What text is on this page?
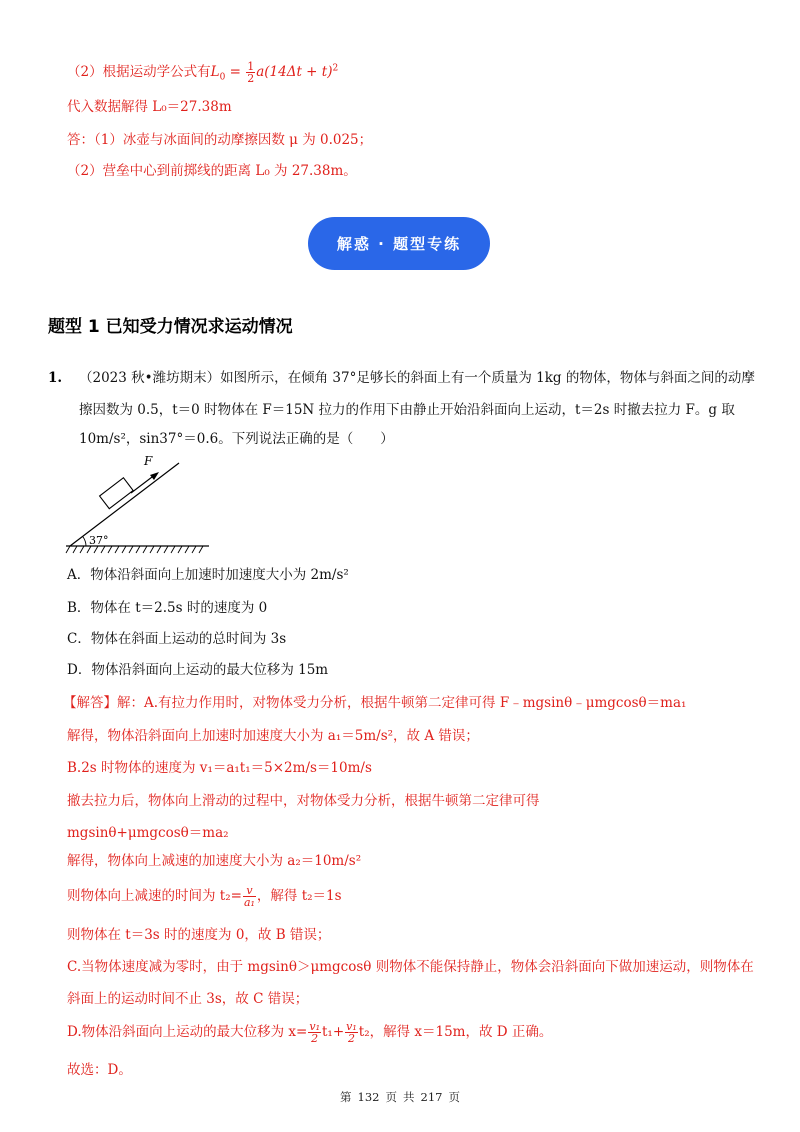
（2）根据运动学公式有$L_0 = \frac{1}{2} a(14\Delta t + t)^2$
代入数据解得 L₀＝27.38m
答：（1）冰壶与冰面间的动摩擦因数 μ 为 0.025；
（2）营垒中心到前掷线的距离 L₀ 为 27.38m。
解惑 · 题型专练
题型 1 已知受力情况求运动情况
1. （2023 秋•潍坊期末）如图所示，在倾角 37°足够长的斜面上有一个质量为 1kg 的物体，物体与斜面之间的动摩
擦因数为 0.5，t＝0 时物体在 F＝15N 拉力的作用下由静止开始沿斜面向上运动，t＝2s 时撤去拉力 F。g 取
10m/s²，sin37°＝0.6。下列说法正确的是（　　）
37°
F
A．物体沿斜面向上加速时加速度大小为 2m/s²
B．物体在 t＝2.5s 时的速度为 0
C．物体在斜面上运动的总时间为 3s
D．物体沿斜面向上运动的最大位移为 15m
【解答】解：A.有拉力作用时，对物体受力分析，根据牛顿第二定律可得 F﹣mgsinθ﹣μmgcosθ＝ma₁
解得，物体沿斜面向上加速时加速度大小为 a₁＝5m/s²，故 A 错误；
B.2s 时物体的速度为 v₁＝a₁t₁＝5×2m/s＝10m/s
撤去拉力后，物体向上滑动的过程中，对物体受力分析，根据牛顿第二定律可得
mgsinθ+μmgcosθ＝ma₂
解得，物体向上减速的加速度大小为 a₂＝10m/s²
则物体向上减速的时间为 $t_2= \frac{v}{\text{a₁}}$ ，解得 t₂＝1s
则物体在 t＝3s 时的速度为 0，故 B 错误；
C.当物体速度减为零时，由于 mgsinθ＞μmgcosθ 则物体不能保持静止，物体会沿斜面向下做加速运动，则物体在
斜面上的运动时间不止 3s，故 C 错误；
D.物体沿斜面向上运动的最大位移为 $x= \frac{\text{v₁}}{2} t_1+ \frac{\text{v₁}}{2} t_2$，解得 x＝15m，故 D 正确。
故选：D。
第 132 页 共 217 页
